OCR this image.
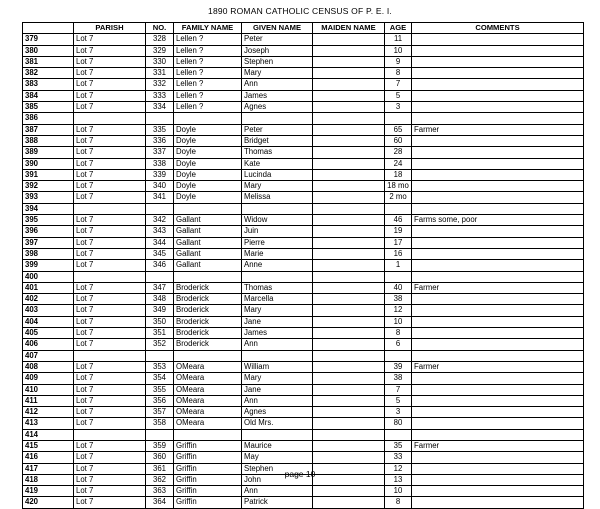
1890 ROMAN CATHOLIC CENSUS OF P. E. I.
	PARISH	NO.	FAMILY NAME	GIVEN NAME	MAIDEN NAME	AGE	COMMENTS
379	Lot 7	328	Lellen ?	Peter		11	
380	Lot 7	329	Lellen ?	Joseph		10	
381	Lot 7	330	Lellen ?	Stephen		9	
382	Lot 7	331	Lellen ?	Mary		8	
383	Lot 7	332	Lellen ?	Ann		7	
384	Lot 7	333	Lellen ?	James		5	
385	Lot 7	334	Lellen ?	Agnes		3	
386							
387	Lot 7	335	Doyle	Peter		65	Farmer
388	Lot 7	336	Doyle	Bridget		60	
389	Lot 7	337	Doyle	Thomas		28	
390	Lot 7	338	Doyle	Kate		24	
391	Lot 7	339	Doyle	Lucinda		18	
392	Lot 7	340	Doyle	Mary		18 mo	
393	Lot 7	341	Doyle	Melissa		2 mo	
394							
395	Lot 7	342	Gallant	Widow		46	Farms some, poor
396	Lot 7	343	Gallant	Juin		19	
397	Lot 7	344	Gallant	Pierre		17	
398	Lot 7	345	Gallant	Marie		16	
399	Lot 7	346	Gallant	Anne		1	
400							
401	Lot 7	347	Broderick	Thomas		40	Farmer
402	Lot 7	348	Broderick	Marcella		38	
403	Lot 7	349	Broderick	Mary		12	
404	Lot 7	350	Broderick	Jane		10	
405	Lot 7	351	Broderick	James		8	
406	Lot 7	352	Broderick	Ann		6	
407							
408	Lot 7	353	OMeara	William		39	Farmer
409	Lot 7	354	OMeara	Mary		38	
410	Lot 7	355	OMeara	Jane		7	
411	Lot 7	356	OMeara	Ann		5	
412	Lot 7	357	OMeara	Agnes		3	
413	Lot 7	358	OMeara	Old Mrs.		80	
414							
415	Lot 7	359	Griffin	Maurice		35	Farmer
416	Lot 7	360	Griffin	May		33	
417	Lot 7	361	Griffin	Stephen		12	
418	Lot 7	362	Griffin	John		13	
419	Lot 7	363	Griffin	Ann		10	
420	Lot 7	364	Griffin	Patrick		8	
page 10
